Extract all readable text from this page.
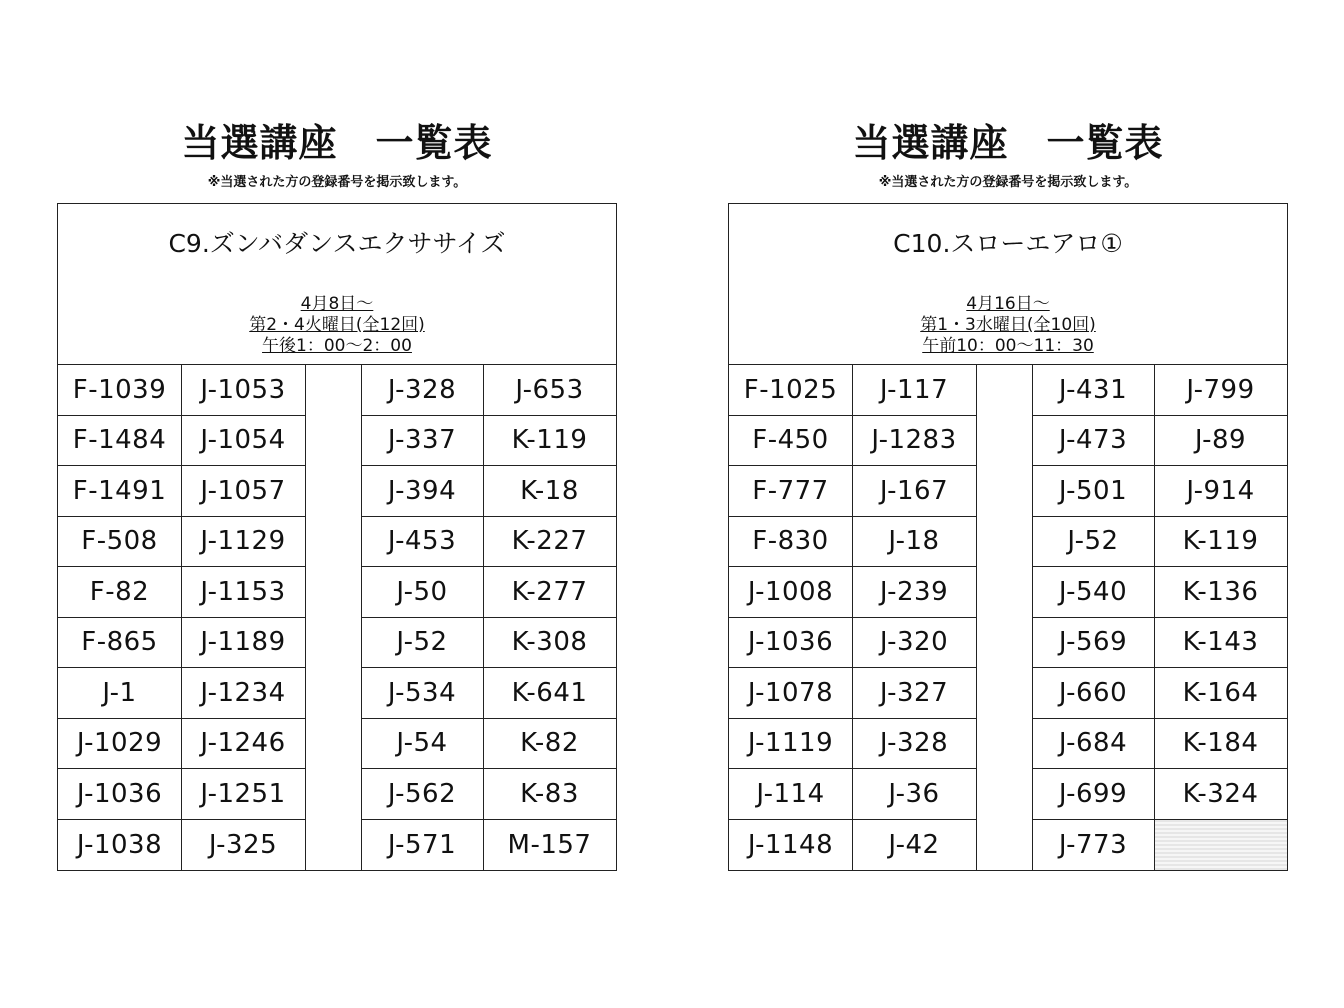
当選講座 一覧表
※当選された方の登録番号を掲示致します。
C9.ズンバダンスエクササイズ
4月8日～
第2・4火曜日(全12回)
午後1：00～2：00
F-1039
F-1484
F-1491
F-508
F-82
F-865
J-1
J-1029
J-1036
J-1038
J-1053
J-1054
J-1057
J-1129
J-1153
J-1189
J-1234
J-1246
J-1251
J-325
J-328
J-337
J-394
J-453
J-50
J-52
J-534
J-54
J-562
J-571
J-653
K-119
K-18
K-227
K-277
K-308
K-641
K-82
K-83
M-157
当選講座 一覧表
※当選された方の登録番号を掲示致します。
C10.スローエアロ①
4月16日～
第1・3水曜日(全10回)
午前10：00～11：30
F-1025
F-450
F-777
F-830
J-1008
J-1036
J-1078
J-1119
J-114
J-1148
J-117
J-1283
J-167
J-18
J-239
J-320
J-327
J-328
J-36
J-42
J-431
J-473
J-501
J-52
J-540
J-569
J-660
J-684
J-699
J-773
J-799
J-89
J-914
K-119
K-136
K-143
K-164
K-184
K-324
